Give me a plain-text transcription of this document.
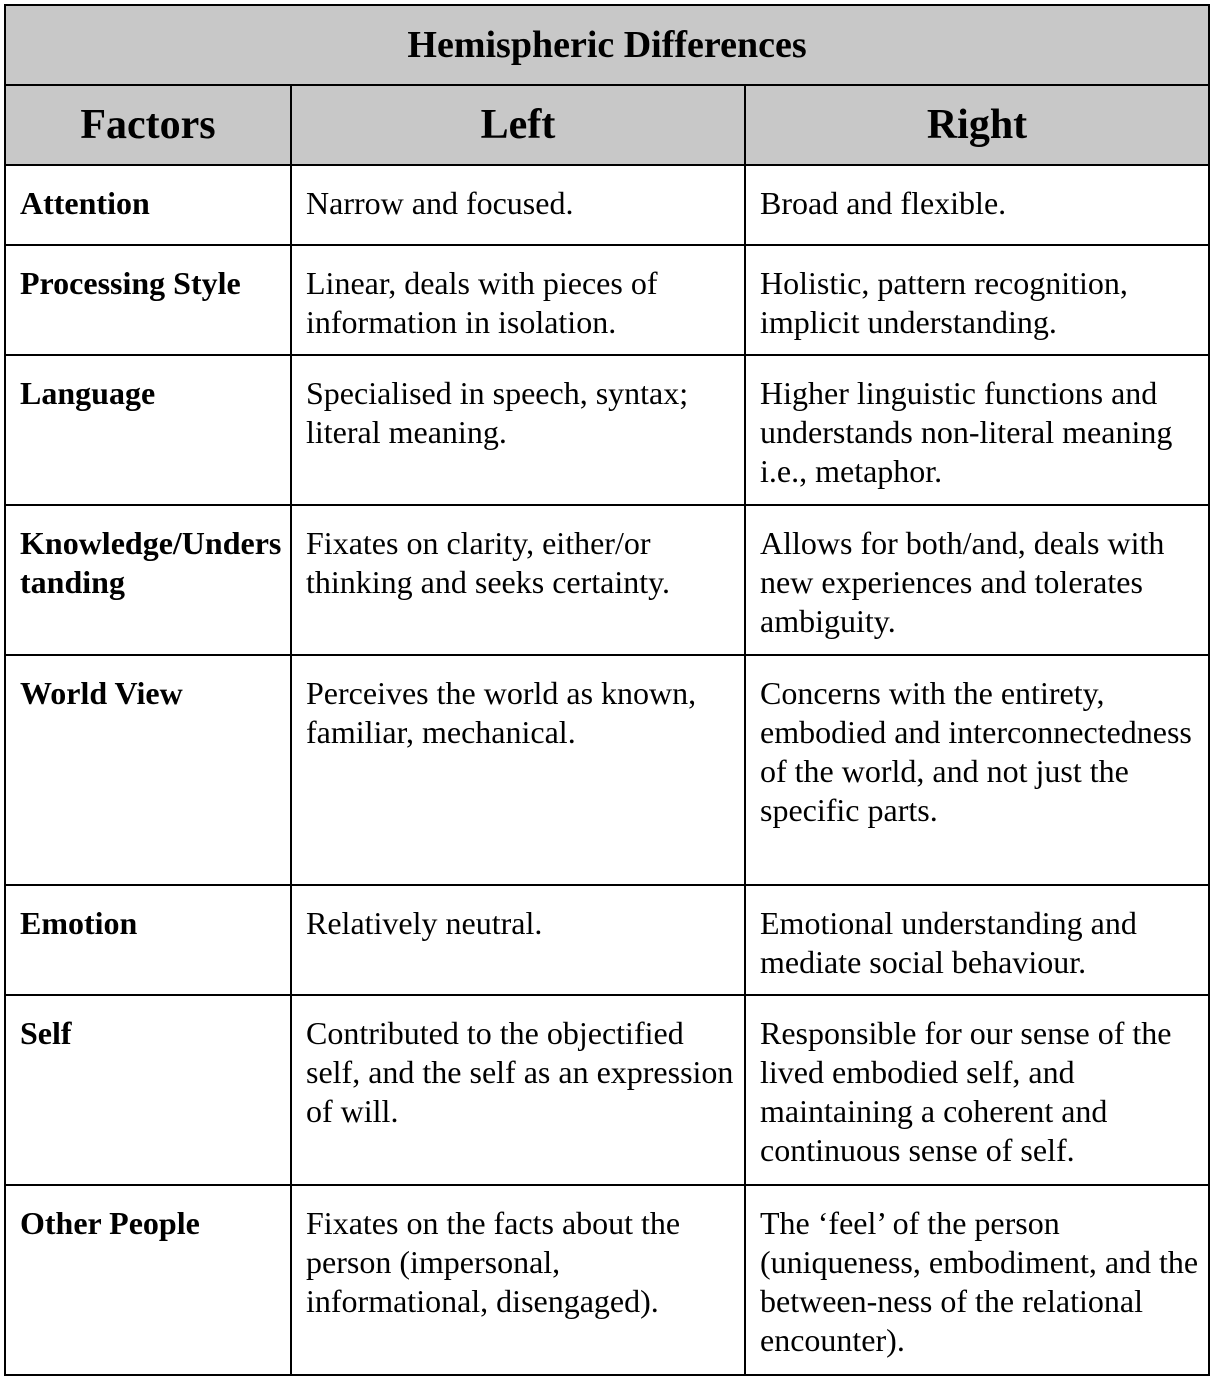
Hemispheric Differences		
Factors	Left	Right
Attention	Narrow and focused.	Broad and flexible.
Processing Style	Linear, deals with pieces of information in isolation.	Holistic, pattern recognition, implicit understanding.
Language	Specialised in speech, syntax; literal meaning.	Higher linguistic functions and understands non-literal meaning i.e., metaphor.
Knowledge/Understanding	Fixates on clarity, either/or thinking and seeks certainty.	Allows for both/and, deals with new experiences and tolerates ambiguity.
World View	Perceives the world as known, familiar, mechanical.	Concerns with the entirety, embodied and interconnectedness of the world, and not just the specific parts.
Emotion	Relatively neutral.	Emotional understanding and mediate social behaviour.
Self	Contributed to the objectified self, and the self as an expression of will.	Responsible for our sense of the lived embodied self, and maintaining a coherent and continuous sense of self.
Other People	Fixates on the facts about the person (impersonal, informational, disengaged).	The ‘feel’ of the person (uniqueness, embodiment, and the between-ness of the relational encounter).
